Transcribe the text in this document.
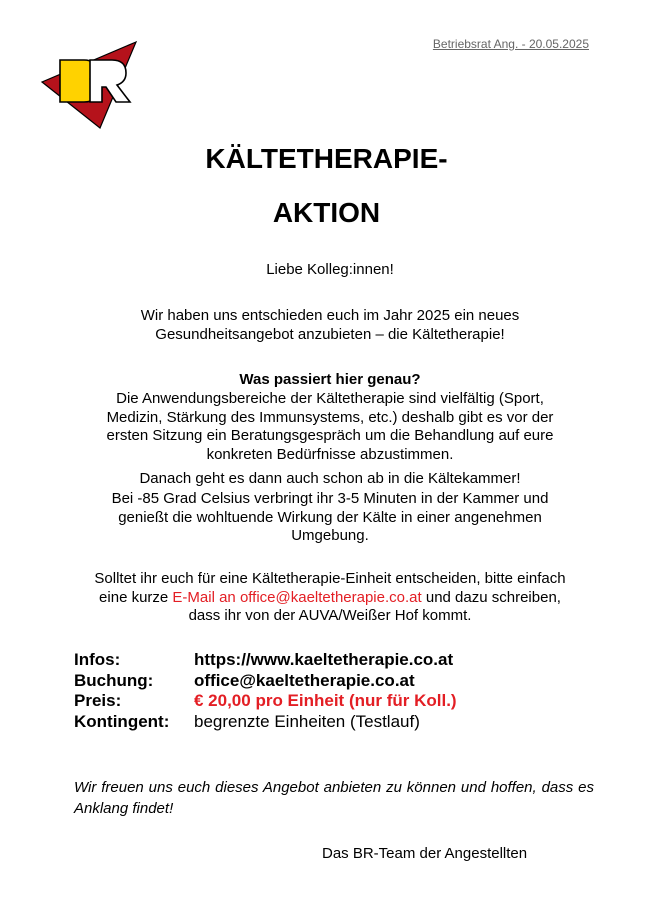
Betriebsrat Ang. - 20.05.2025
KÄLTETHERAPIE-
AKTION
Liebe Kolleg:innen!
Wir haben uns entschieden euch im Jahr 2025 ein neues
Gesundheitsangebot anzubieten – die Kältetherapie!
Was passiert hier genau?
Die Anwendungsbereiche der Kältetherapie sind vielfältig (Sport,
Medizin, Stärkung des Immunsystems, etc.) deshalb gibt es vor der
ersten Sitzung ein Beratungsgespräch um die Behandlung auf eure
konkreten Bedürfnisse abzustimmen.
Danach geht es dann auch schon ab in die Kältekammer!
Bei -85 Grad Celsius verbringt ihr 3-5 Minuten in der Kammer und
genießt die wohltuende Wirkung der Kälte in einer angenehmen
Umgebung.
Solltet ihr euch für eine Kältetherapie-Einheit entscheiden, bitte einfach
eine kurze E-Mail an office@kaeltetherapie.co.at und dazu schreiben,
dass ihr von der AUVA/Weißer Hof kommt.
Infos:	https://www.kaeltetherapie.co.at
Buchung:	office@kaeltetherapie.co.at
Preis:	€ 20,00 pro Einheit (nur für Koll.)
Kontingent:	begrenzte Einheiten (Testlauf)
Wir freuen uns euch dieses Angebot anbieten zu können und hoffen, dass es Anklang findet!
Das BR-Team der Angestellten
